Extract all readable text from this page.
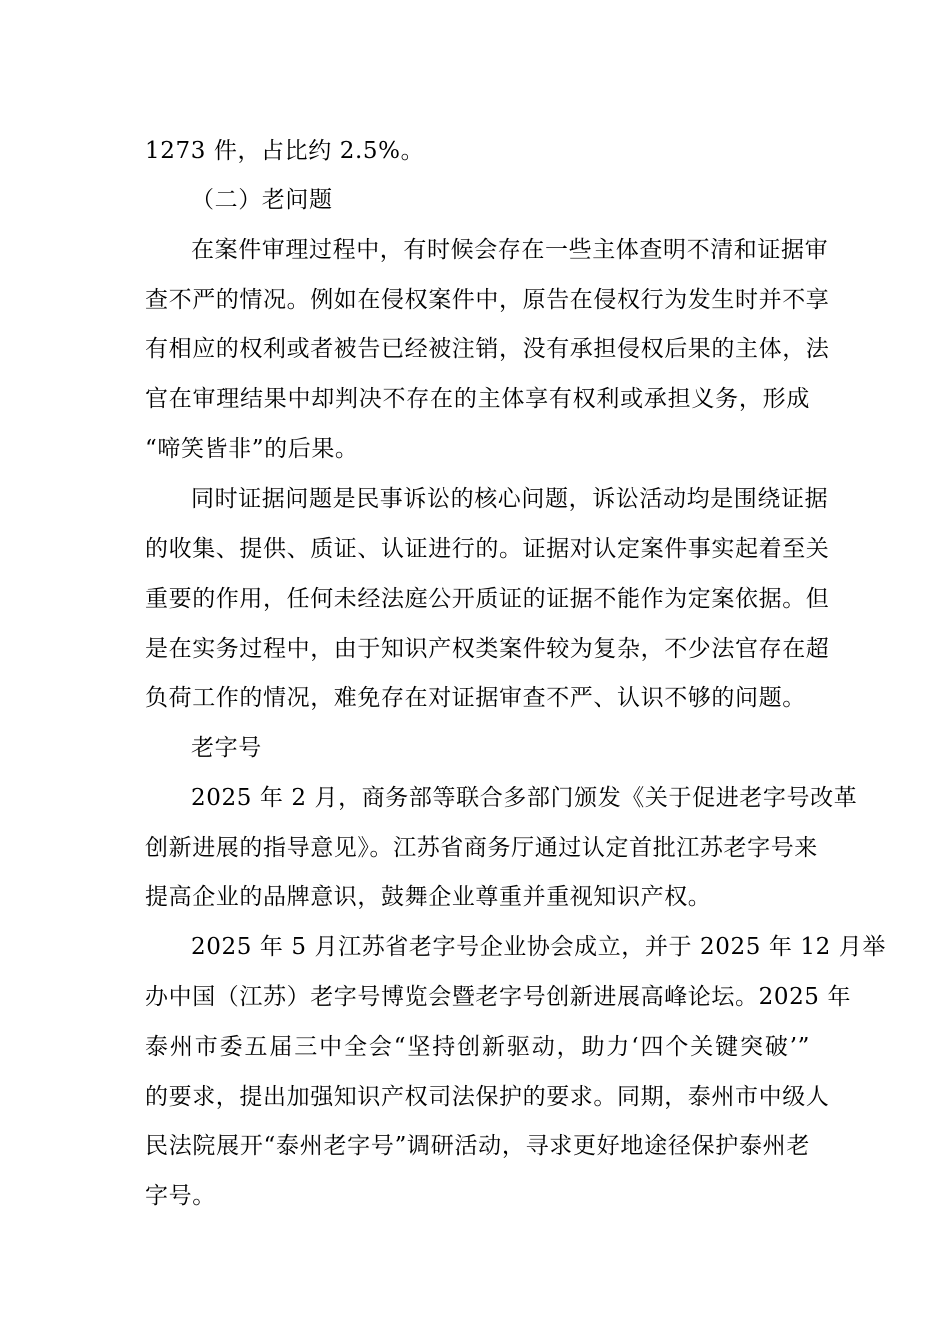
1273 件，占比约 2.5%。
（二）老问题
在案件审理过程中，有时候会存在一些主体查明不清和证据审
查不严的情况。例如在侵权案件中，原告在侵权行为发生时并不享
有相应的权利或者被告已经被注销，没有承担侵权后果的主体，法
官在审理结果中却判决不存在的主体享有权利或承担义务，形成
“啼笑皆非”的后果。
同时证据问题是民事诉讼的核心问题，诉讼活动均是围绕证据
的收集、提供、质证、认证进行的。证据对认定案件事实起着至关
重要的作用，任何未经法庭公开质证的证据不能作为定案依据。但
是在实务过程中，由于知识产权类案件较为复杂，不少法官存在超
负荷工作的情况，难免存在对证据审查不严、认识不够的问题。
老字号
2025 年 2 月，商务部等联合多部门颁发《关于促进老字号改革
创新进展的指导意见》。江苏省商务厅通过认定首批江苏老字号来
提高企业的品牌意识，鼓舞企业尊重并重视知识产权。
2025 年 5 月江苏省老字号企业协会成立，并于 2025 年 12 月举
办中国（江苏）老字号博览会暨老字号创新进展高峰论坛。2025 年
泰州市委五届三中全会“坚持创新驱动，助力‘四个关键突破’”
的要求，提出加强知识产权司法保护的要求。同期，泰州市中级人
民法院展开“泰州老字号”调研活动，寻求更好地途径保护泰州老
字号。
